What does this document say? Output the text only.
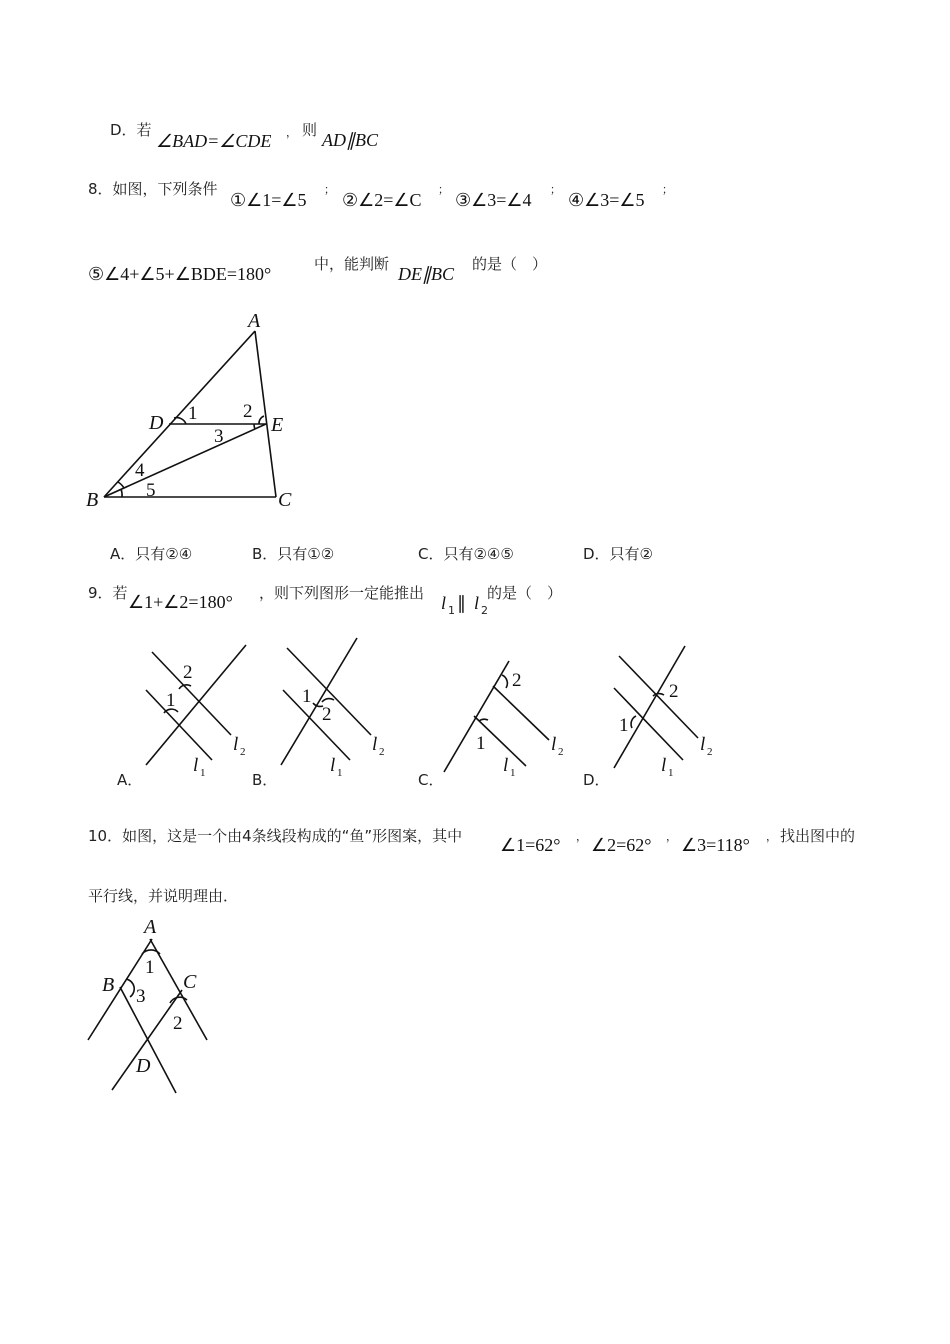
D．若
∠BAD=∠CDE ， 则 AD∥BC
8．如图，下列条件
①∠1=∠5
；
②∠2=∠C
；
③∠3=∠4
；
④∠3=∠5
；
⑤∠4+∠5+∠BDE=180°	中，能判断 DE∥BC 的是（　）
A
D	E
B	C
1 2
3
4
5
A．只有②④	B．只有①②	C．只有②④⑤	D．只有②
9．若 ∠1+∠2=180° ，则下列图形一定能推出 l 1 ∥ l 2
的是（　）
2
1
l 2
l 1
A．
1
2
l 2
l 1
B．
2
1	l 2
l 1
C．
2
1
l 2
l 1
D．
10．如图，这是一个由4条线段构成的“鱼”形图案，其中 ∠1=62° ， ∠2=62° ， ∠3=118° ， 找出图中的
平行线，并说明理由．
A
B	C
D
1
3
2
